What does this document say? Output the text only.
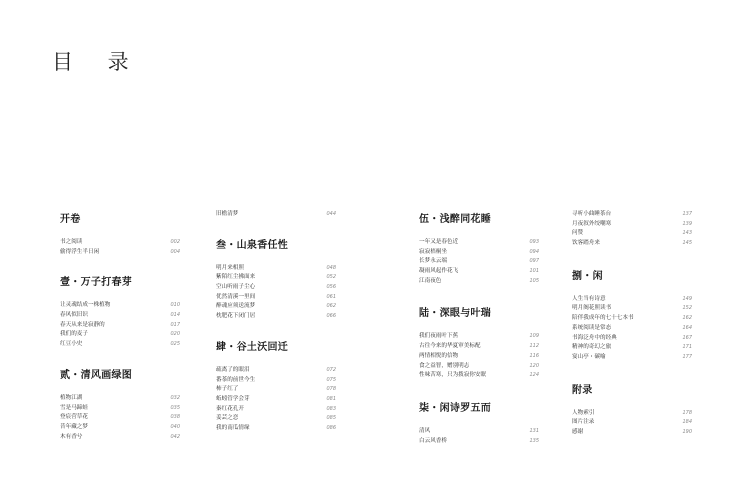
目 录
开卷
书之阅读	002
偷得浮生半日闲	004
壹・万子打春芽
让灵魂结成一株植物	010
春风似旧识	014
春天从来是寂静的	017
我们的麦子	020
红豆小史	025
贰・清风画绿图
植物江湖	032
雪是马蹄蛙	035
登宸营草花	038
昔年藏之梦	040
木有香兮	042
旧檐清梦	044
叁・山泉香任性
明月来相照	048
紫陌红尘拂面来	052
空山听雨子尘心	056
优然清溪一里间	061
醉魂应须送流梦	062
枕肥花下闭门居	066
肆・谷土沃回迁
疏离了的眼泪	072
番茶的前世今生	075
柿子红了	078
蚯蚓管学会芽	081
秦红花孔开	083
姜芸之恋	085
我的南瓜情缘	086
伍・浅醉同花睡
一年又是春色近	093
寂寂梧桐坐	094
长梦永云端	097
凝雨风起作花飞	101
江南夜色	105
陆・深眼与叶瑞
我们夜雨叶下蕉	109
古往今来的华夏审美标配	112
两情相悦的信物	116
食之益智，赠别明志	120
性味苦寒，只为拨寂你安眠	124
柒・闲诗罗五而
清风	131
白云风香桥	135
寻听小曲睡茶台	137
月夜叙外绞嘲寒	139
问赞	143
饮客踏舟来	145
捌・闲
人生当有诗意	149
明月阁花照读书	152
陪伴我成年的七十七本书	162
系统阅读是常态	164
书海泛舟中的经典	167
精神的奇幻之旅	171
宴山亭・碳喻	177
附录
人物索引	178
图片注录	184
感谢	190
